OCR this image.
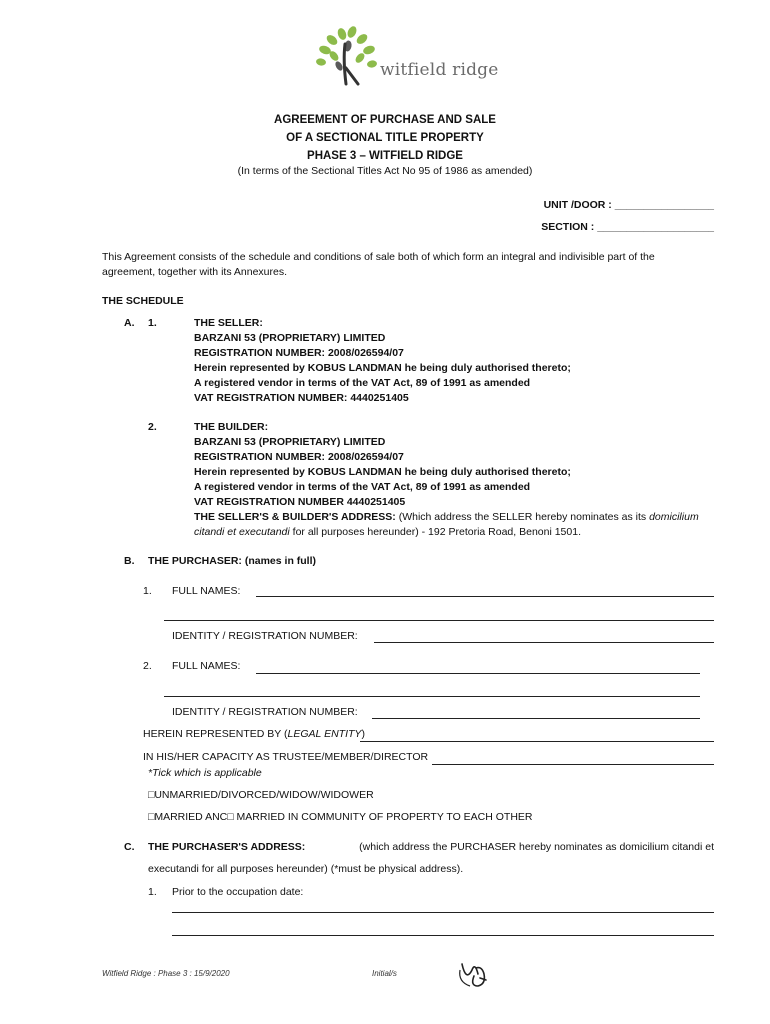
witfield ridge
AGREEMENT OF PURCHASE AND SALE
OF A SECTIONAL TITLE PROPERTY
PHASE 3 – WITFIELD RIDGE
(In terms of the Sectional Titles Act No 95 of 1986 as amended)
UNIT /DOOR : _________________
SECTION : ____________________
This Agreement consists of the schedule and conditions of sale both of which form an integral and indivisible part of the
agreement, together with its Annexures.
THE SCHEDULE
A. 1.	THE SELLER:
BARZANI 53 (PROPRIETARY) LIMITED
REGISTRATION NUMBER: 2008/026594/07
Herein represented by KOBUS LANDMAN he being duly authorised thereto;
A registered vendor in terms of the VAT Act, 89 of 1991 as amended
VAT REGISTRATION NUMBER: 4440251405
2.	THE BUILDER:
BARZANI 53 (PROPRIETARY) LIMITED
REGISTRATION NUMBER: 2008/026594/07
Herein represented by KOBUS LANDMAN he being duly authorised thereto;
A registered vendor in terms of the VAT Act, 89 of 1991 as amended
VAT REGISTRATION NUMBER 4440251405
THE SELLER'S & BUILDER'S ADDRESS: (Which address the SELLER hereby nominates as its domicilium
citandi et executandi for all purposes hereunder) - 192 Pretoria Road, Benoni 1501.
B. THE PURCHASER: (names in full)
1. FULL NAMES:
IDENTITY / REGISTRATION NUMBER:
2. FULL NAMES:
IDENTITY / REGISTRATION NUMBER:
HEREIN REPRESENTED BY (LEGAL ENTITY)
IN HIS/HER CAPACITY AS TRUSTEE/MEMBER/DIRECTOR
*Tick which is applicable
□UNMARRIED/DIVORCED/WIDOW/WIDOWER
□MARRIED ANC□ MARRIED IN COMMUNITY OF PROPERTY TO EACH OTHER
C. THE PURCHASER'S ADDRESS:	(which address the PURCHASER hereby nominates as domicilium citandi et
executandi for all purposes hereunder) (*must be physical address).
1. Prior to the occupation date:
Witfield Ridge : Phase 3 : 15/9/2020	Initial/s
